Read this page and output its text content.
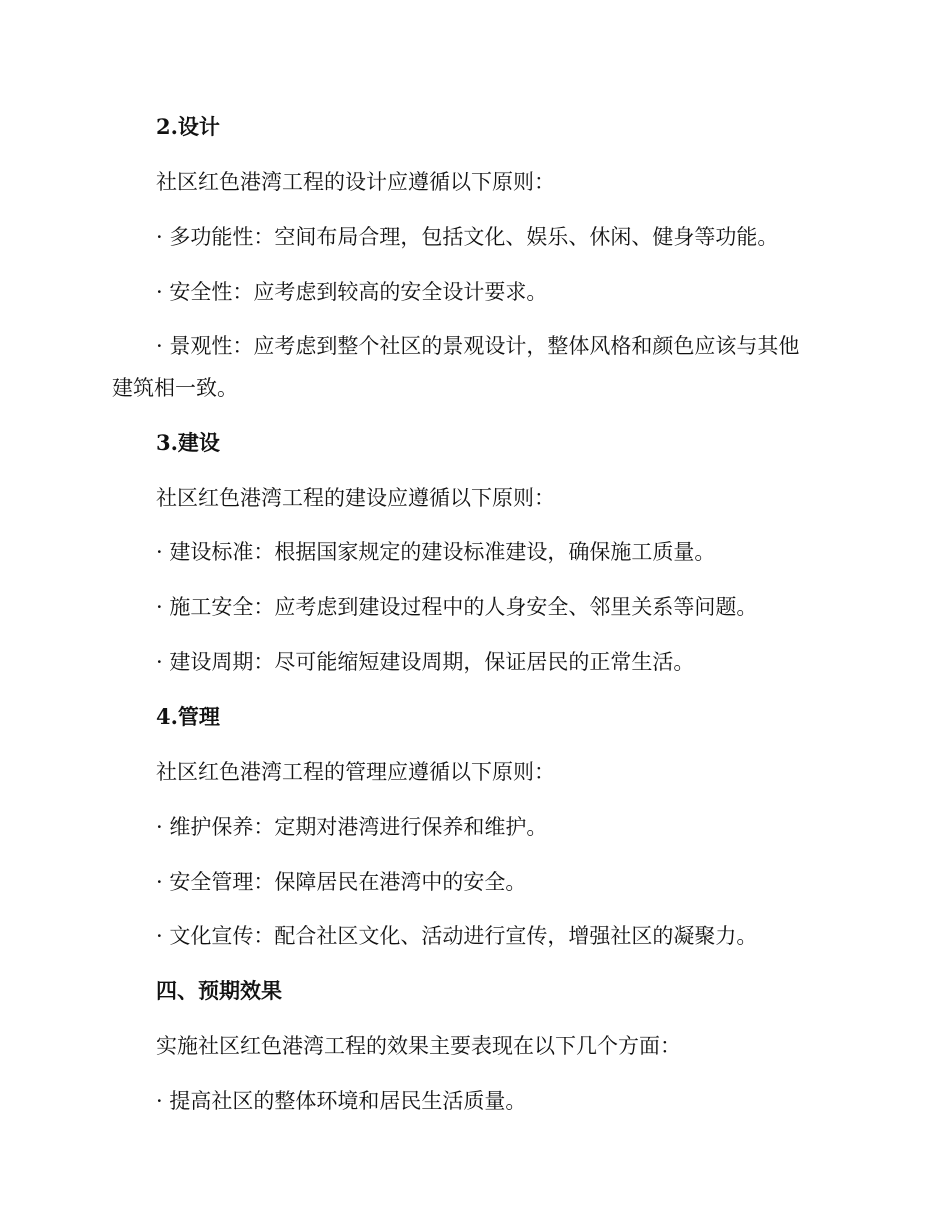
2.设计
社区红色港湾工程的设计应遵循以下原则：
· 多功能性：空间布局合理，包括文化、娱乐、休闲、健身等功能。
· 安全性：应考虑到较高的安全设计要求。
· 景观性：应考虑到整个社区的景观设计，整体风格和颜色应该与其他
建筑相一致。
3.建设
社区红色港湾工程的建设应遵循以下原则：
· 建设标准：根据国家规定的建设标准建设，确保施工质量。
· 施工安全：应考虑到建设过程中的人身安全、邻里关系等问题。
· 建设周期：尽可能缩短建设周期，保证居民的正常生活。
4.管理
社区红色港湾工程的管理应遵循以下原则：
· 维护保养：定期对港湾进行保养和维护。
· 安全管理：保障居民在港湾中的安全。
· 文化宣传：配合社区文化、活动进行宣传，增强社区的凝聚力。
四、预期效果
实施社区红色港湾工程的效果主要表现在以下几个方面：
· 提高社区的整体环境和居民生活质量。
